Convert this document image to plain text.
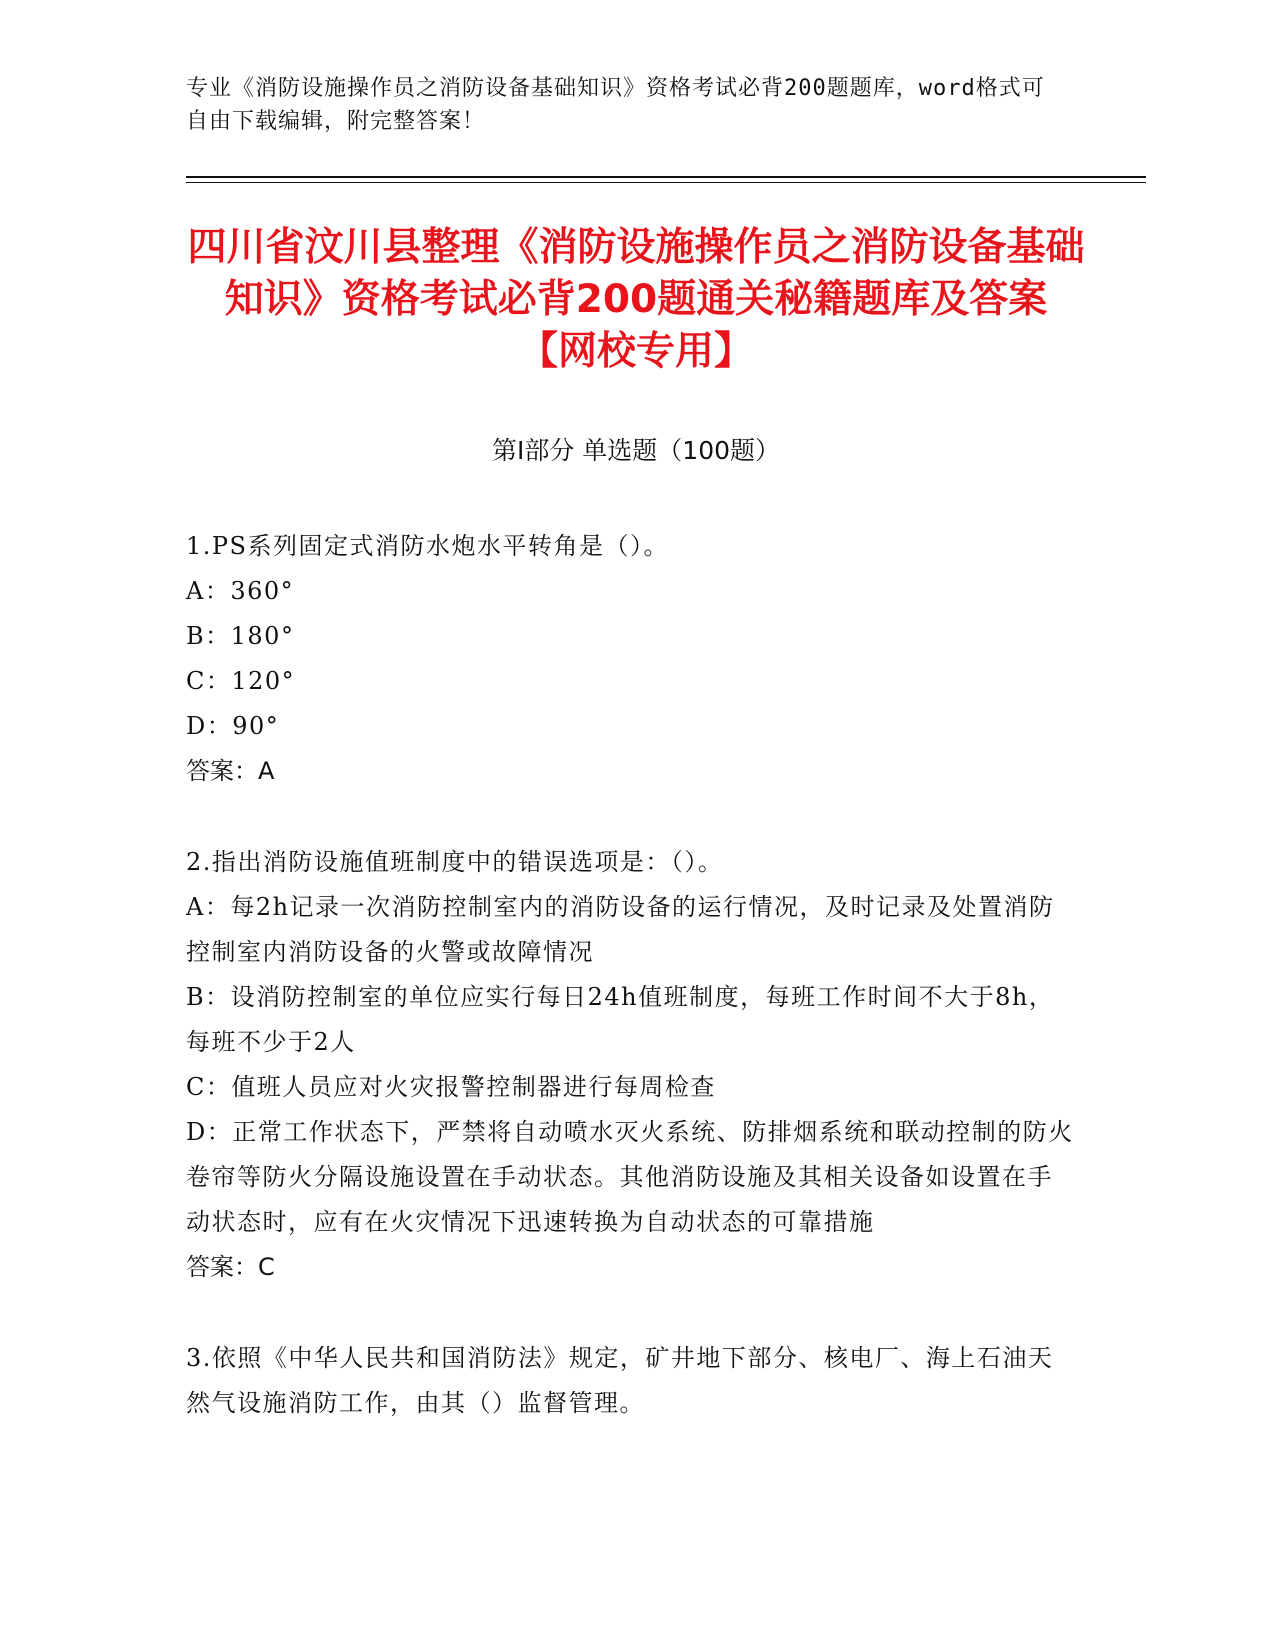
专业《消防设施操作员之消防设备基础知识》资格考试必背200题题库，word格式可自由下载编辑，附完整答案！
四川省汶川县整理《消防设施操作员之消防设备基础知识》资格考试必背200题通关秘籍题库及答案【网校专用】
第I部分 单选题（100题）
1.PS系列固定式消防水炮水平转角是（）。
A：360°
B：180°
C：120°
D：90°
答案：A
2.指出消防设施值班制度中的错误选项是：（）。
A：每2h记录一次消防控制室内的消防设备的运行情况，及时记录及处置消防控制室内消防设备的火警或故障情况
B：设消防控制室的单位应实行每日24h值班制度，每班工作时间不大于8h，每班不少于2人
C：值班人员应对火灾报警控制器进行每周检查
D：正常工作状态下，严禁将自动喷水灭火系统、防排烟系统和联动控制的防火卷帘等防火分隔设施设置在手动状态。其他消防设施及其相关设备如设置在手动状态时，应有在火灾情况下迅速转换为自动状态的可靠措施
答案：C
3.依照《中华人民共和国消防法》规定，矿井地下部分、核电厂、海上石油天然气设施消防工作，由其（）监督管理。
